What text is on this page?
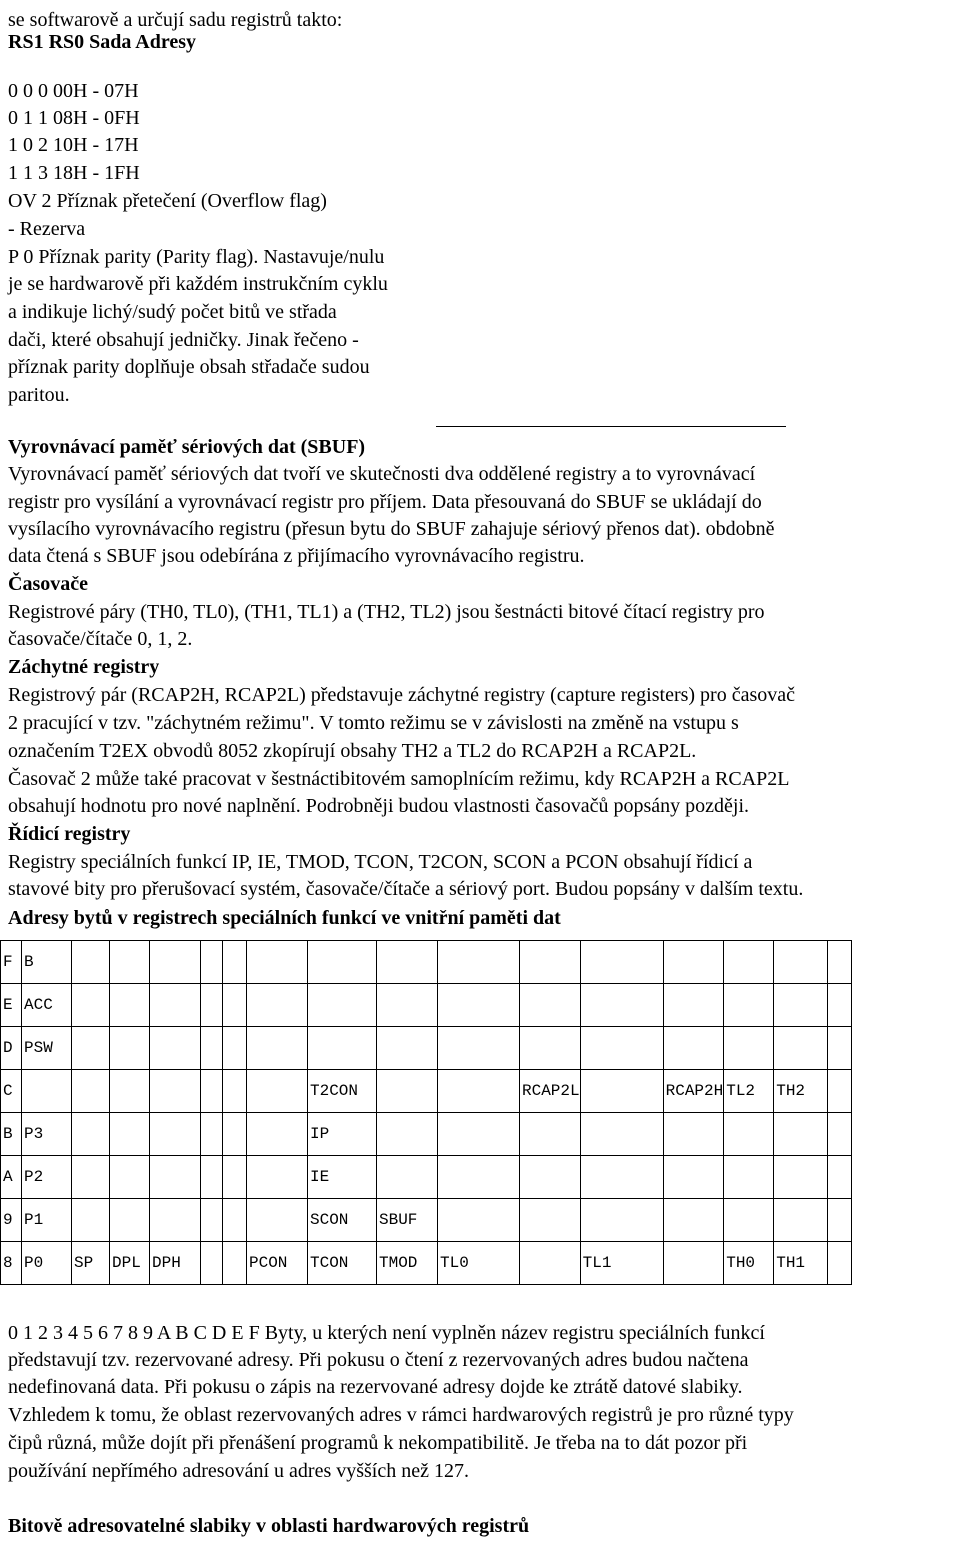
se softwarově a určují sadu registrů takto:
RS1 RS0 Sada Adresy
0 0 0 00H - 07H
0 1 1 08H - 0FH
1 0 2 10H - 17H
1 1 3 18H - 1FH
OV 2 Příznak přetečení (Overflow flag)
- Rezerva
P 0 Příznak parity (Parity flag). Nastavuje/nulu
je se hardwarově při každém instrukčním cyklu
a indikuje lichý/sudý počet bitů ve střada
dači, které obsahují jedničky. Jinak řečeno -
příznak parity doplňuje obsah střadače sudou
paritou.
Vyrovnávací paměť sériových dat (SBUF)
Vyrovnávací paměť sériových dat tvoří ve skutečnosti dva oddělené registry a to vyrovnávací
registr pro vysílání a vyrovnávací registr pro příjem. Data přesouvaná do SBUF se ukládají do
vysílacího vyrovnávacího registru (přesun bytu do SBUF zahajuje sériový přenos dat). obdobně
data čtená s SBUF jsou odebírána z přijímacího vyrovnávacího registru.
Časovače
Registrové páry (TH0, TL0), (TH1, TL1) a (TH2, TL2) jsou šestnácti bitové čítací registry pro
časovače/čítače 0, 1, 2.
Záchytné registry
Registrový pár (RCAP2H, RCAP2L) představuje záchytné registry (capture registers) pro časovač
2 pracující v tzv. "záchytném režimu". V tomto režimu se v závislosti na změně na vstupu s
označením T2EX obvodů 8052 zkopírují obsahy TH2 a TL2 do RCAP2H a RCAP2L.
Časovač 2 může také pracovat v šestnáctibitovém samoplnícím režimu, kdy RCAP2H a RCAP2L
obsahují hodnotu pro nové naplnění. Podrobněji budou vlastnosti časovačů popsány později.
Řídicí registry
Registry speciálních funkcí IP, IE, TMOD, TCON, T2CON, SCON a PCON obsahují řídicí a
stavové bity pro přerušovací systém, časovače/čítače a sériový port. Budou popsány v dalším textu.
Adresy bytů v registrech speciálních funkcí ve vnitřní paměti dat
F	B															
E	ACC															
D	PSW															
C								T2CON			RCAP2L		RCAP2H	TL2	TH2	
B	P3							IP								
A	P2							IE								
9	P1							SCON	SBUF							
8	P0	SP	DPL	DPH			PCON	TCON	TMOD	TL0		TL1		TH0	TH1	
0 1 2 3 4 5 6 7 8 9 A B C D E F Byty, u kterých není vyplněn název registru speciálních funkcí
představují tzv. rezervované adresy. Při pokusu o čtení z rezervovaných adres budou načtena
nedefinovaná data. Při pokusu o zápis na rezervované adresy dojde ke ztrátě datové slabiky.
Vzhledem k tomu, že oblast rezervovaných adres v rámci hardwarových registrů je pro různé typy
čipů různá, může dojít při přenášení programů k nekompatibilitě. Je třeba na to dát pozor při
používání nepřímého adresování u adres vyšších než 127.
Bitově adresovatelné slabiky v oblasti hardwarových registrů
